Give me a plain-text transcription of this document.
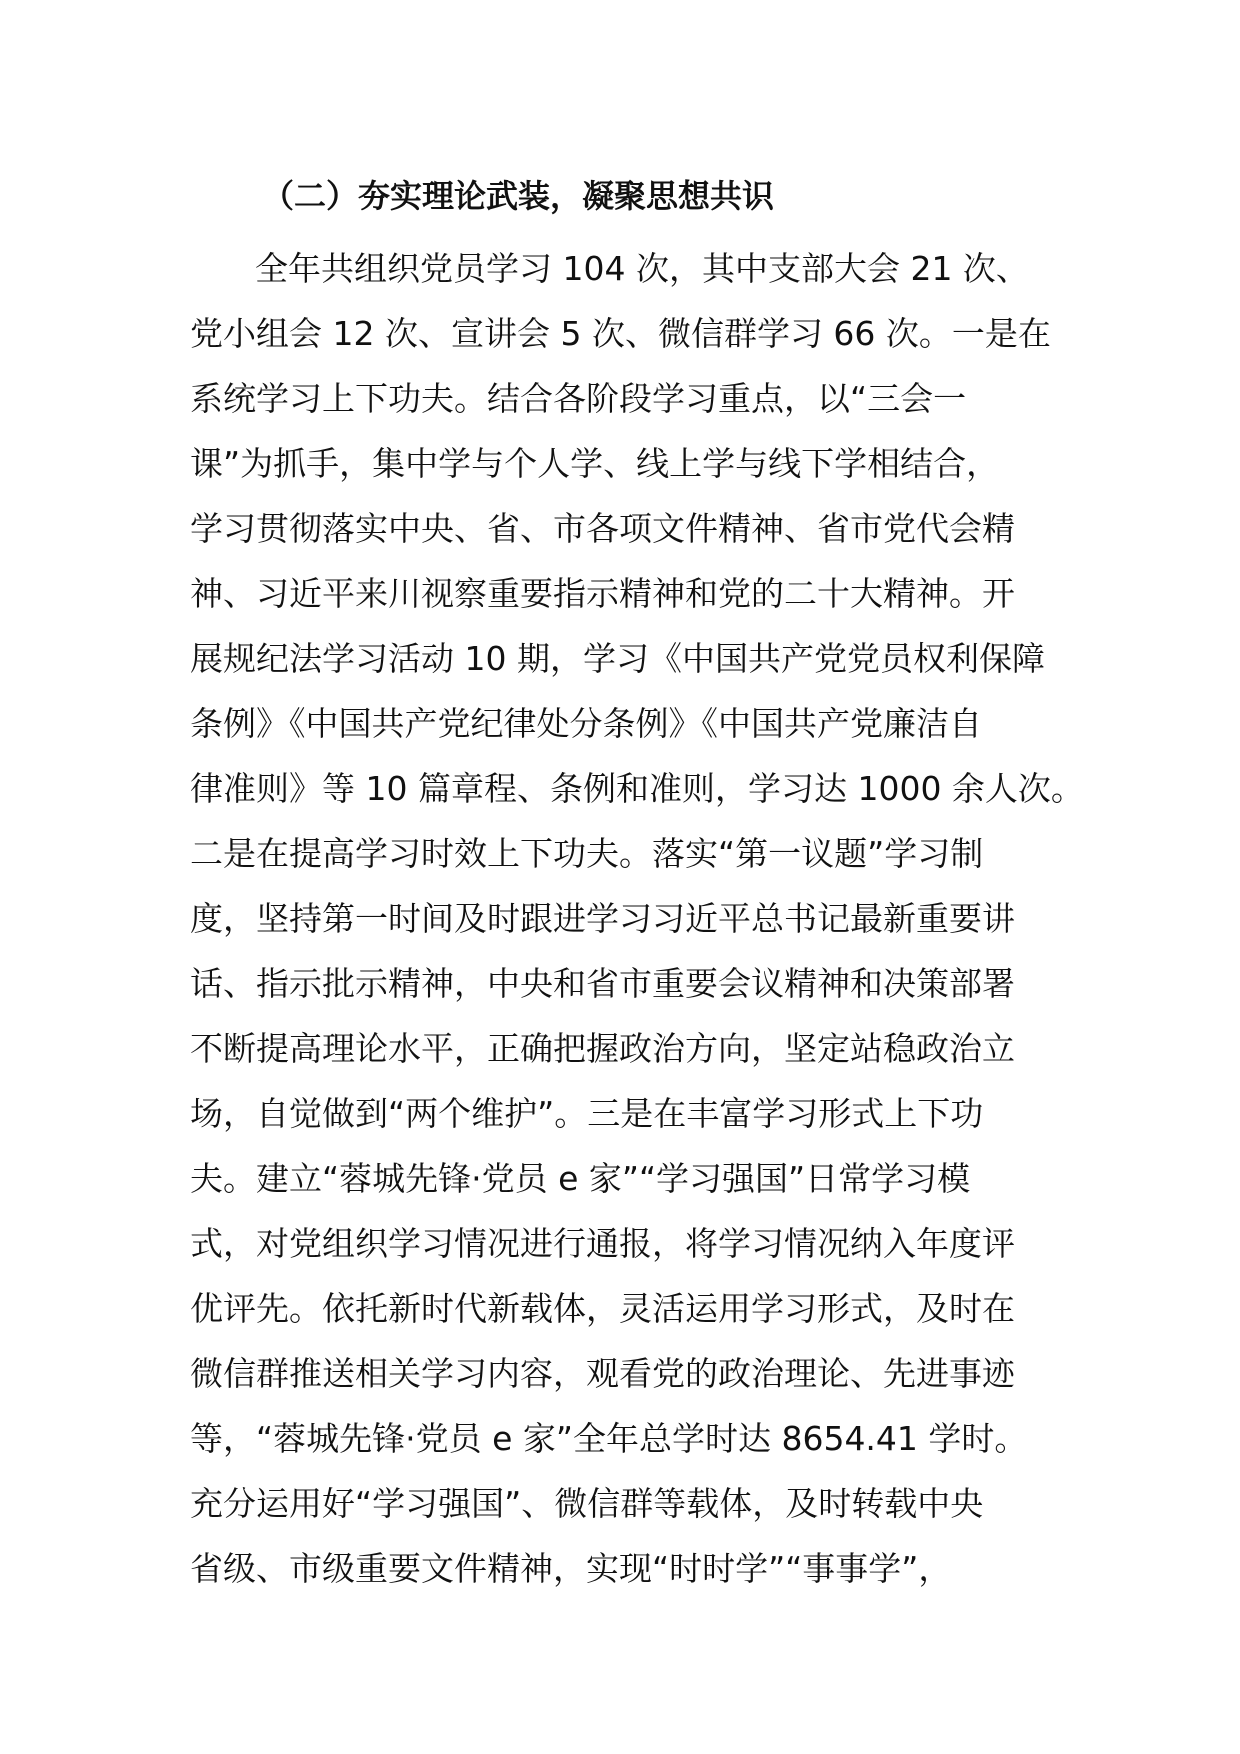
（二）夯实理论武装，凝聚思想共识
全年共组织党员学习 104 次，其中支部大会 21 次、
党小组会 12 次、宣讲会 5 次、微信群学习 66 次。一是在
系统学习上下功夫。结合各阶段学习重点，以“三会一
课”为抓手，集中学与个人学、线上学与线下学相结合，
学习贯彻落实中央、省、市各项文件精神、省市党代会精
神、习近平来川视察重要指示精神和党的二十大精神。开
展规纪法学习活动 10 期，学习《中国共产党党员权利保障
条例》《中国共产党纪律处分条例》《中国共产党廉洁自
律准则》等 10 篇章程、条例和准则，学习达 1000 余人次。
二是在提高学习时效上下功夫。落实“第一议题”学习制
度，坚持第一时间及时跟进学习习近平总书记最新重要讲
话、指示批示精神，中央和省市重要会议精神和决策部署
不断提高理论水平，正确把握政治方向，坚定站稳政治立
场，自觉做到“两个维护”。三是在丰富学习形式上下功
夫。建立“蓉城先锋·党员 e 家”“学习强国”日常学习模
式，对党组织学习情况进行通报，将学习情况纳入年度评
优评先。依托新时代新载体，灵活运用学习形式，及时在
微信群推送相关学习内容，观看党的政治理论、先进事迹
等，“蓉城先锋·党员 e 家”全年总学时达 8654.41 学时。
充分运用好“学习强国”、微信群等载体，及时转载中央
省级、市级重要文件精神，实现“时时学”“事事学”，
